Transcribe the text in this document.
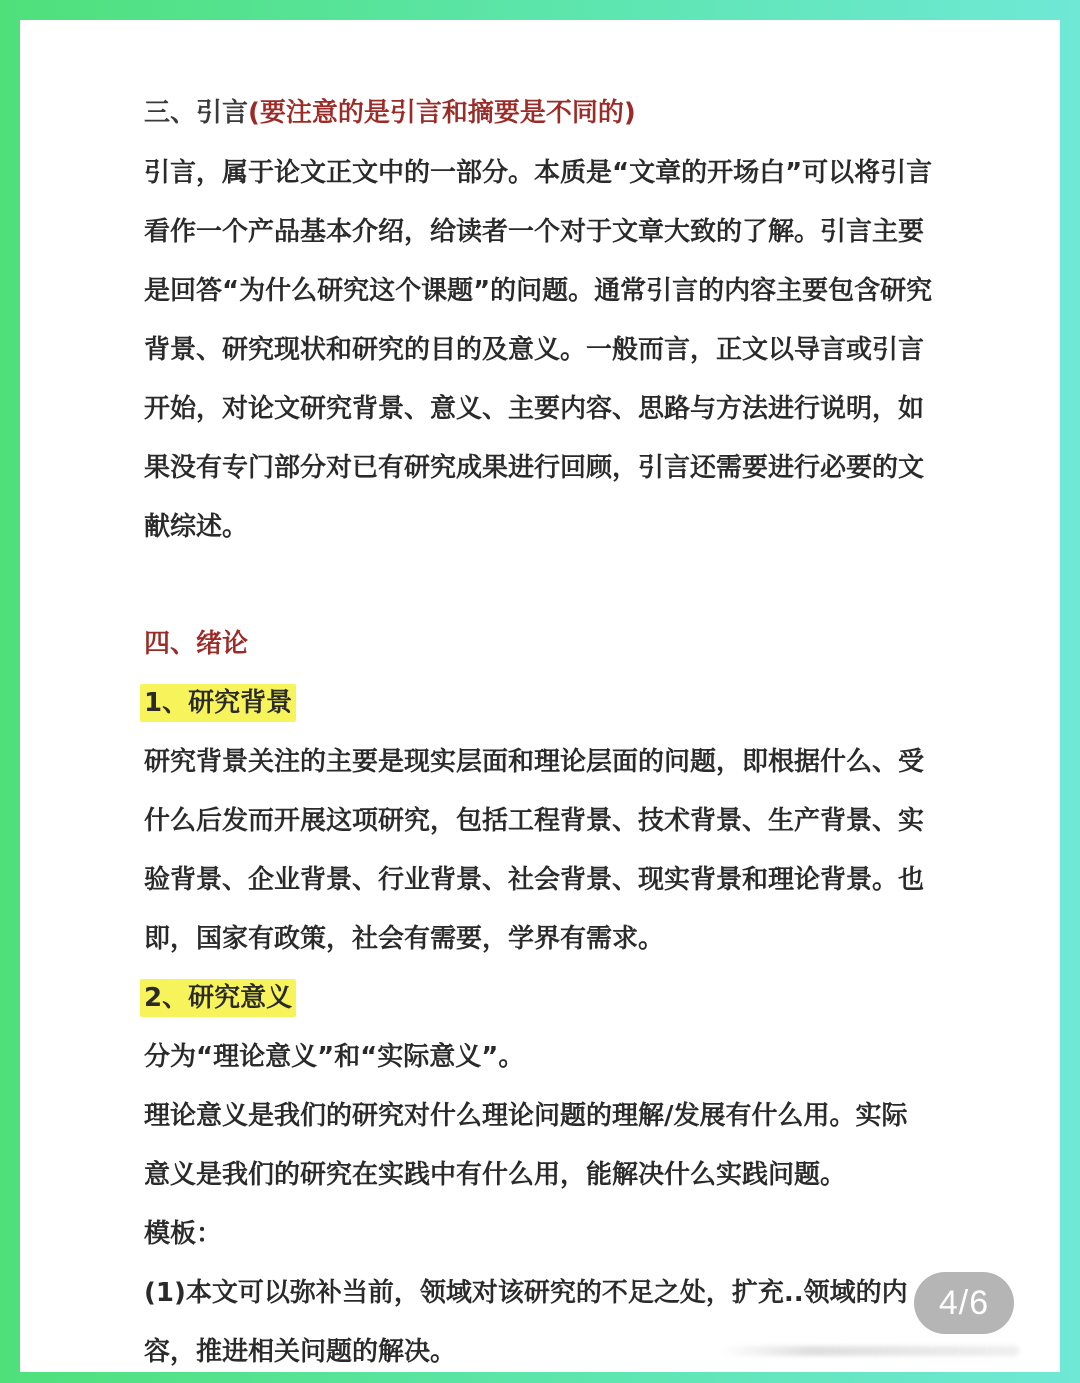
三、引言(要注意的是引言和摘要是不同的)
引言，属于论文正文中的一部分。本质是“文章的开场白”可以将引言
看作一个产品基本介绍，给读者一个对于文章大致的了解。引言主要
是回答“为什么研究这个课题”的问题。通常引言的内容主要包含研究
背景、研究现状和研究的目的及意义。一般而言，正文以导言或引言
开始，对论文研究背景、意义、主要内容、思路与方法进行说明，如
果没有专门部分对已有研究成果进行回顾，引言还需要进行必要的文
献综述。
四、绪论
1、研究背景
研究背景关注的主要是现实层面和理论层面的问题，即根据什么、受
什么后发而开展这项研究，包括工程背景、技术背景、生产背景、实
验背景、企业背景、行业背景、社会背景、现实背景和理论背景。也
即，国家有政策，社会有需要，学界有需求。
2、研究意义
分为“理论意义”和“实际意义”。
理论意义是我们的研究对什么理论问题的理解/发展有什么用。实际
意义是我们的研究在实践中有什么用，能解决什么实践问题。
模板：
(1)本文可以弥补当前，领域对该研究的不足之处，扩充..领域的内
容，推进相关问题的解决。
4/6
